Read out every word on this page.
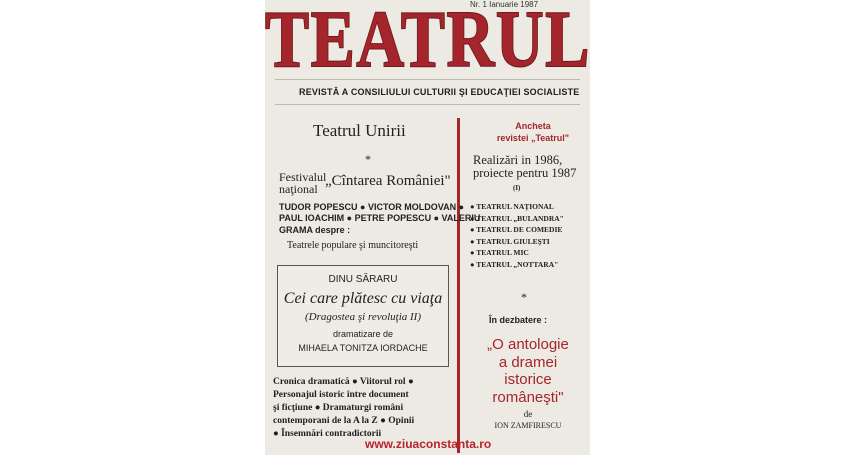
Nr. 1 Ianuarie 1987
TEATRUL
TEATRUL
REVISTĂ A CONSILIULUI CULTURII ŞI EDUCAŢIEI SOCIALISTE
Teatrul Unirii
*
Festivalul
naţional „Cîntarea României"
TUDOR POPESCU ● VICTOR MOLDOVAN ●
PAUL IOACHIM ● PETRE POPESCU ● VALERIU
GRAMA despre :
Teatrele populare şi muncitoreşti
DINU SĂRARU
Cei care plătesc cu viaţa
(Dragostea şi revoluţia II)
dramatizare de
MIHAELA TONITZA IORDACHE
Cronica dramatică ● Viitorul rol ●
Personajul istoric între document
şi ficţiune ● Dramaturgi români
contemporani de la A la Z ● Opinii
● Însemnări contradictorii
Ancheta
revistei „Teatrul"
Realizări in 1986,
proiecte pentru 1987
(I)
● TEATRUL NAŢIONAL
● TEATRUL „BULANDRA"
● TEATRUL DE COMEDIE
● TEATRUL GIULEŞTI
● TEATRUL MIC
● TEATRUL „NOTTARA"
*
În dezbatere :
„O antologie
a dramei
istorice
româneşti"
de
ION ZAMFIRESCU
www.ziuaconstanta.ro
